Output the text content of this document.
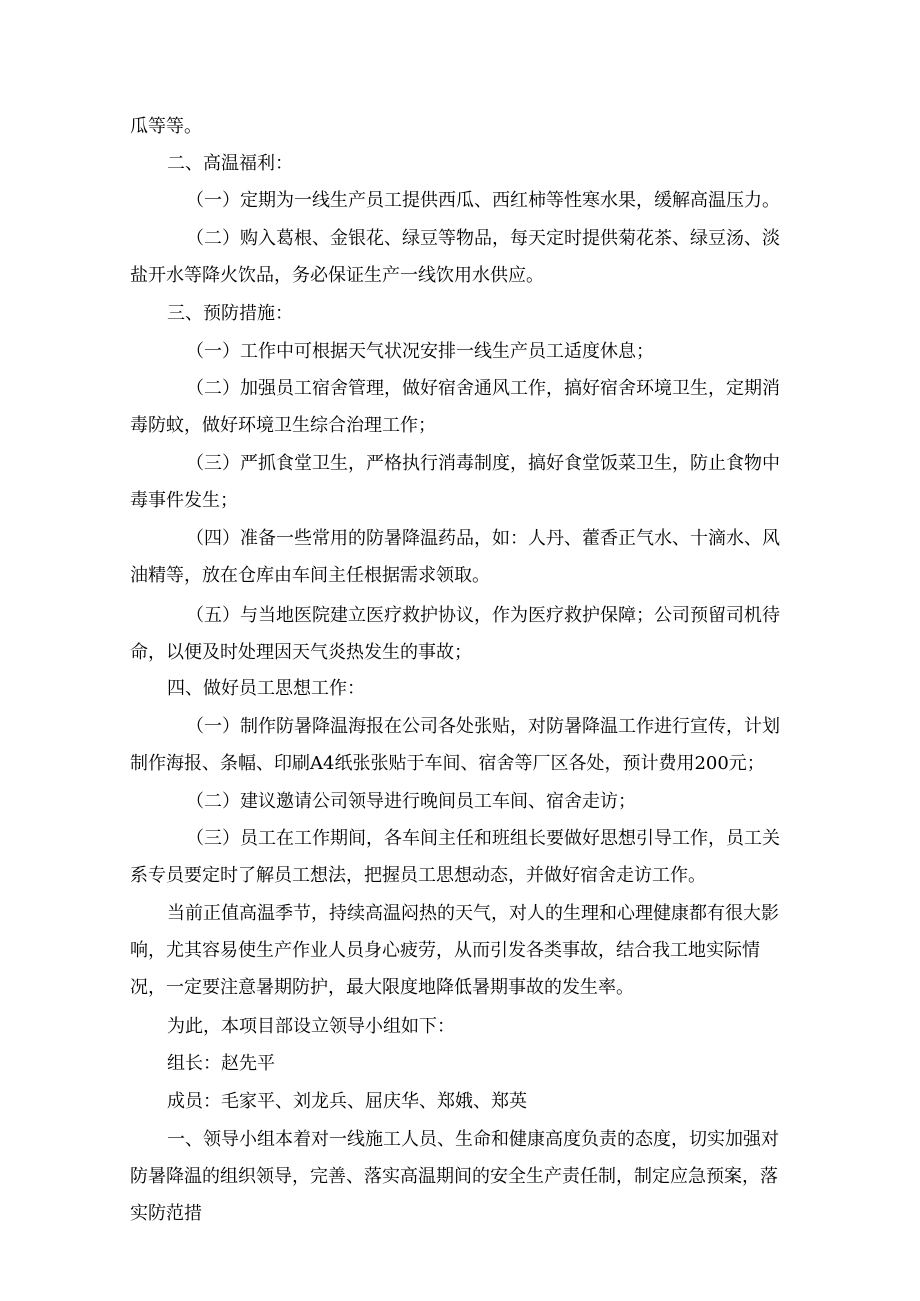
瓜等等。

二、高温福利：

（一）定期为一线生产员工提供西瓜、西红柿等性寒水果，缓解高温压力。

（二）购入葛根、金银花、绿豆等物品，每天定时提供菊花茶、绿豆汤、淡盐开水等降火饮品，务必保证生产一线饮用水供应。

三、预防措施：

（一）工作中可根据天气状况安排一线生产员工适度休息；

（二）加强员工宿舍管理，做好宿舍通风工作，搞好宿舍环境卫生，定期消毒防蚊，做好环境卫生综合治理工作；

（三）严抓食堂卫生，严格执行消毒制度，搞好食堂饭菜卫生，防止食物中毒事件发生；

（四）准备一些常用的防暑降温药品，如：人丹、藿香正气水、十滴水、风油精等，放在仓库由车间主任根据需求领取。

（五）与当地医院建立医疗救护协议，作为医疗救护保障；公司预留司机待命，以便及时处理因天气炎热发生的事故；

四、做好员工思想工作：

（一）制作防暑降温海报在公司各处张贴，对防暑降温工作进行宣传，计划制作海报、条幅、印刷A4纸张张贴于车间、宿舍等厂区各处，预计费用200元；

（二）建议邀请公司领导进行晚间员工车间、宿舍走访；

（三）员工在工作期间，各车间主任和班组长要做好思想引导工作，员工关系专员要定时了解员工想法，把握员工思想动态，并做好宿舍走访工作。

当前正值高温季节，持续高温闷热的天气，对人的生理和心理健康都有很大影响，尤其容易使生产作业人员身心疲劳，从而引发各类事故，结合我工地实际情况，一定要注意暑期防护，最大限度地降低暑期事故的发生率。

为此，本项目部设立领导小组如下：

组长：赵先平

成员：毛家平、刘龙兵、屈庆华、郑娥、郑英

一、领导小组本着对一线施工人员、生命和健康高度负责的态度，切实加强对防暑降温的组织领导，完善、落实高温期间的安全生产责任制，制定应急预案，落实防范措
